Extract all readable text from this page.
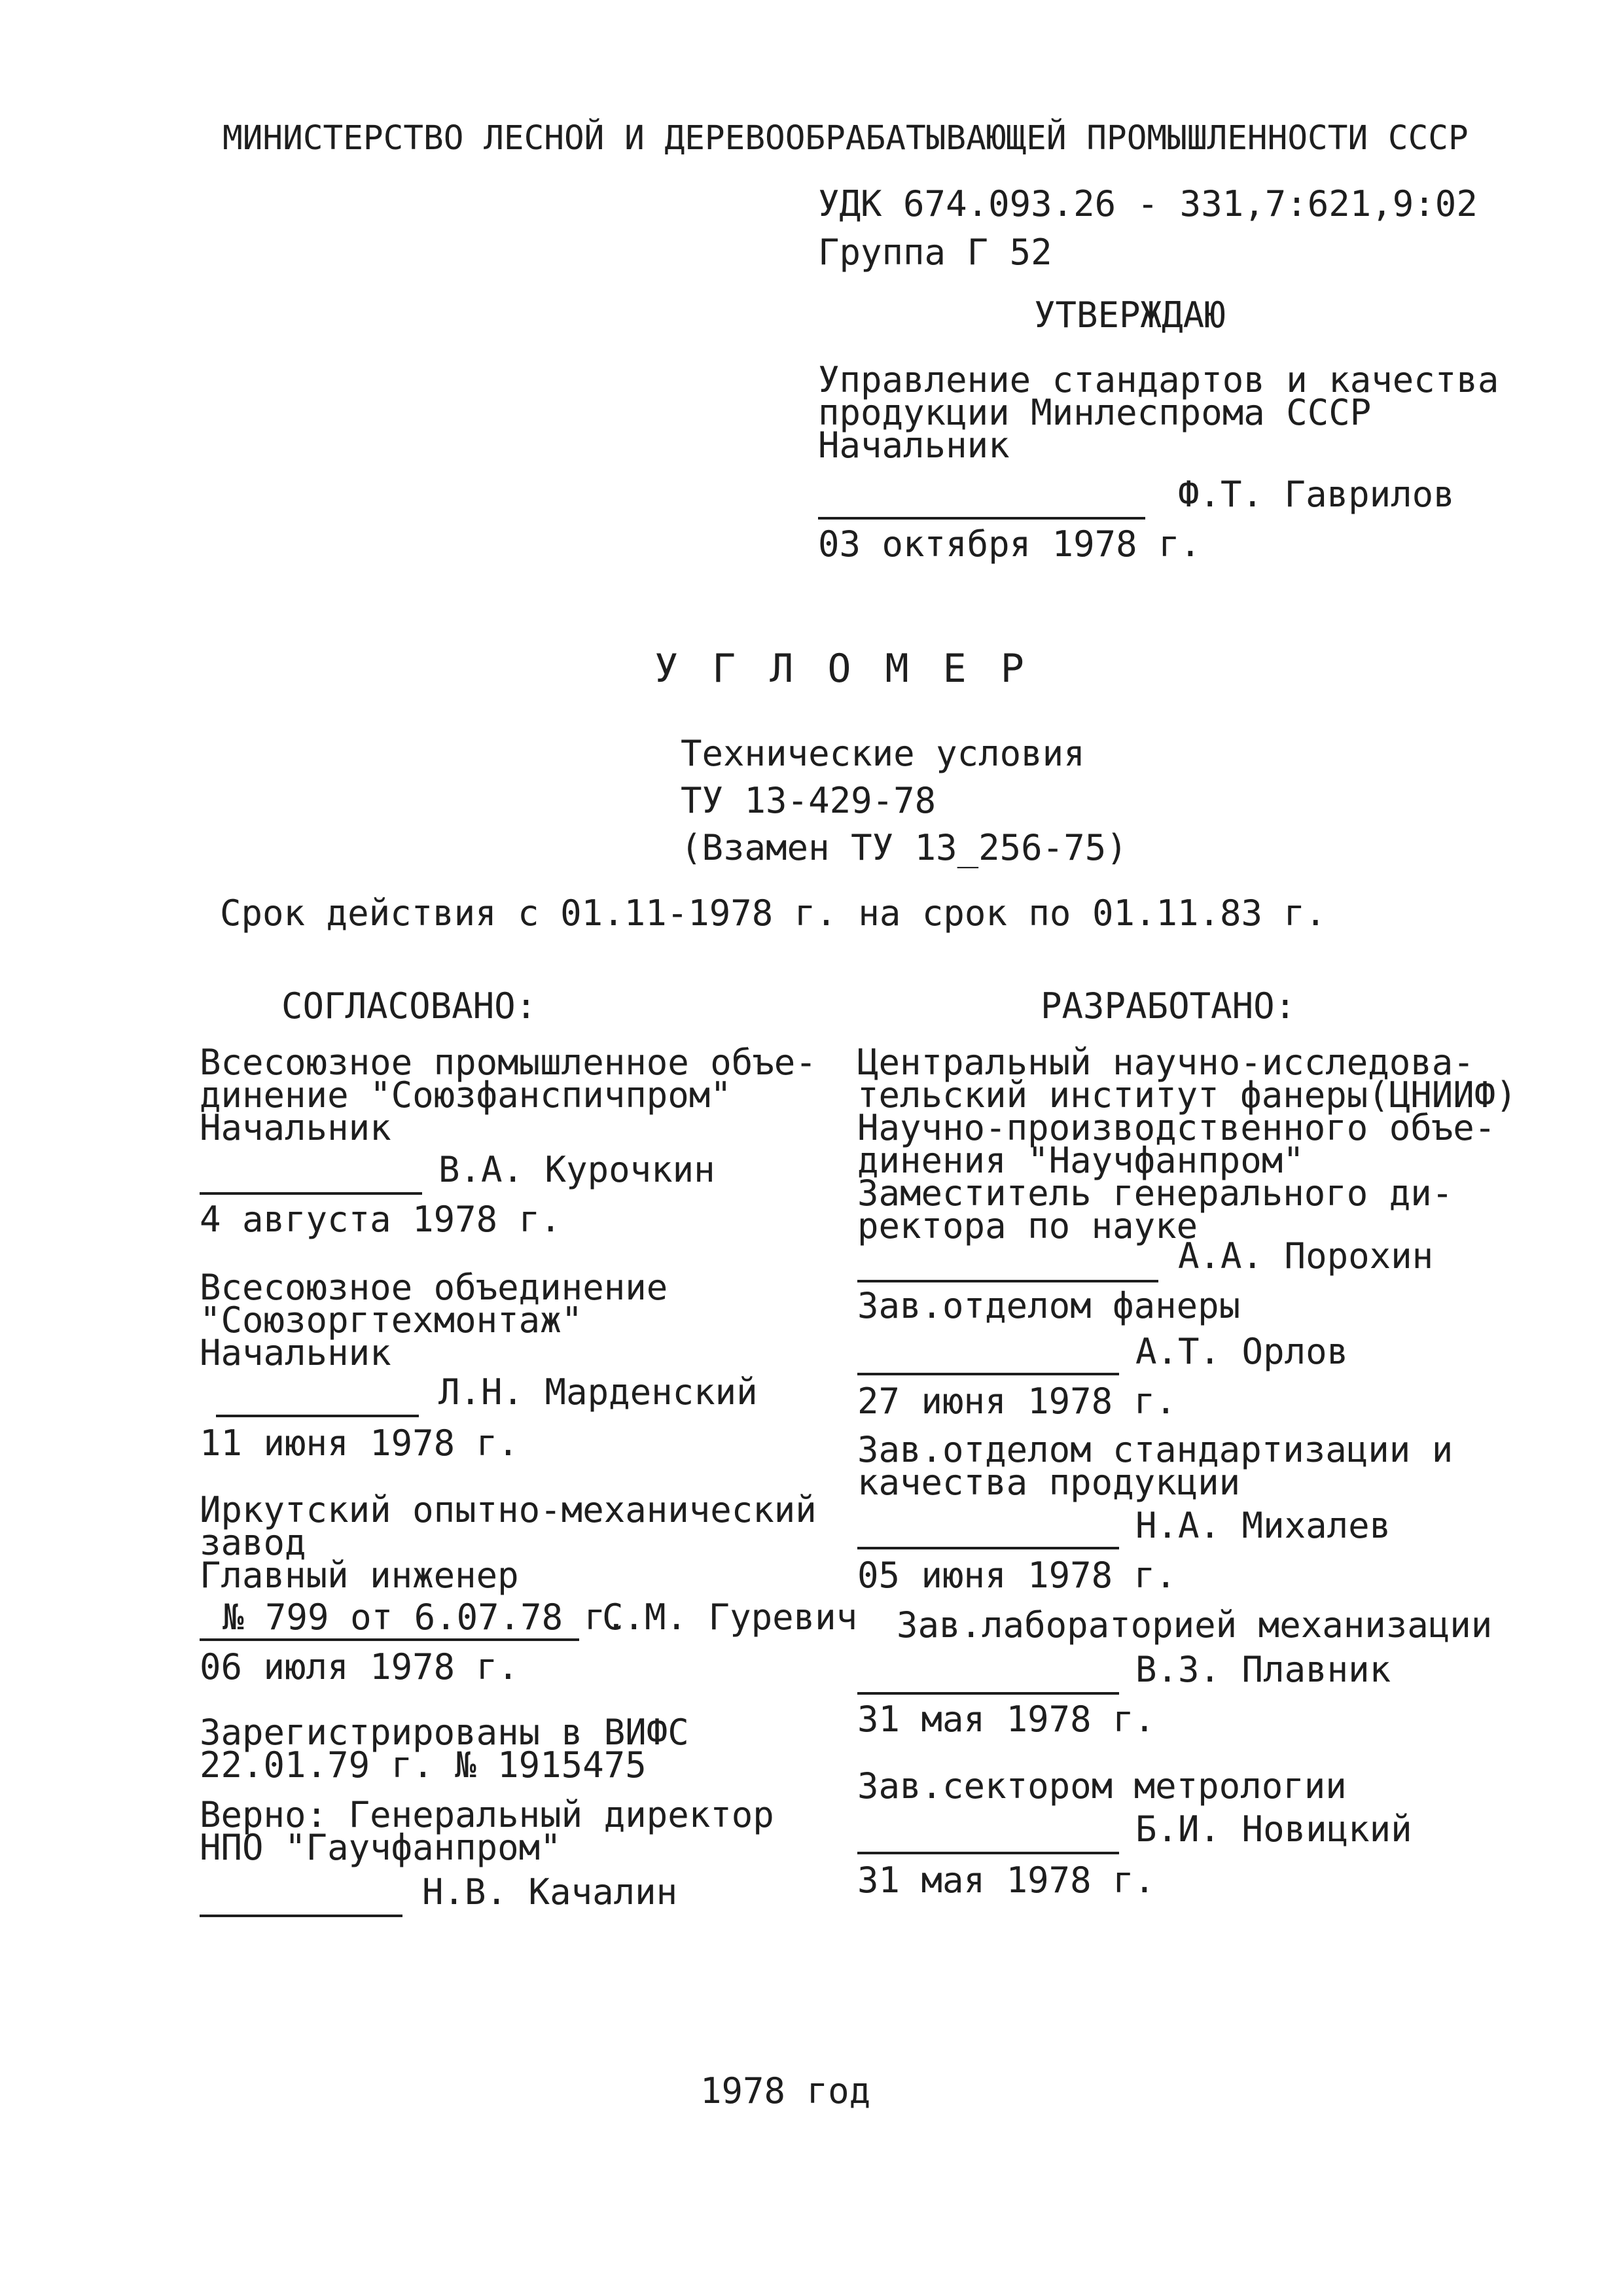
МИНИСТЕРСТВО ЛЕСНОЙ И ДЕРЕВООБРАБАТЫВАЮЩЕЙ ПРОМЫШЛЕННОСТИ СССР
УДК 674.093.26 - 331,7:621,9:02
Группа Г 52
УТВЕРЖДАЮ
Управление стандартов и качества
продукции Минлеспрома СССР
Начальник
Ф.Т. Гаврилов
03 октября 1978 г.
УГЛОМЕР
Технические условия
ТУ 13-429-78
(Взамен ТУ 13_256-75)
Срок действия с 01.11-1978 г. на срок по 01.11.83 г.
СОГЛАСОВАНО:
Всесоюзное промышленное объе-
динение "Союзфанспичпром"
Начальник
В.А. Курочкин
4 августа 1978 г.
Всесоюзное объединение
"Союзоргтехмонтаж"
Начальник
Л.Н. Марденский
11 июня 1978 г.
Иркутский опытно-механический
завод
Главный инженер
№ 799 от 6.07.78 г.
С.М. Гуревич
06 июля 1978 г.
Зарегистрированы в ВИФС
22.01.79 г. № 1915475
Верно: Генеральный директор
НПО "Гаучфанпром"
Н.В. Качалин
РАЗРАБОТАНО:
Центральный научно-исследова-
тельский институт фанеры(ЦНИИФ)
Научно-производственного объе-
динения "Научфанпром"
Заместитель генерального ди-
ректора по науке
А.А. Порохин
Зав.отделом фанеры
А.Т. Орлов
27 июня 1978 г.
Зав.отделом стандартизации и
качества продукции
Н.А. Михалев
05 июня 1978 г.
Зав.лабораторией механизации
В.З. Плавник
31 мая 1978 г.
Зав.сектором метрологии
Б.И. Новицкий
31 мая 1978 г.
1978 год
